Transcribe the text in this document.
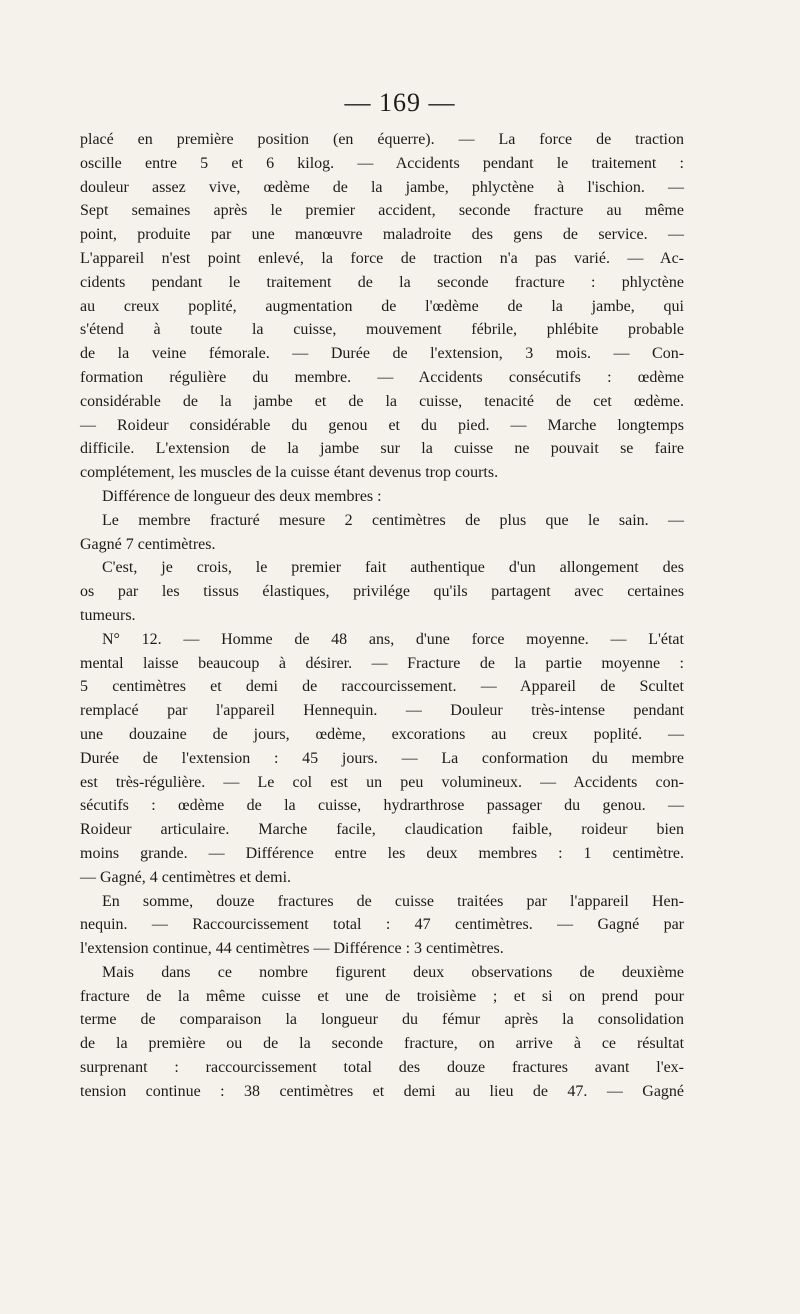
— 169 —
placé en première position (en équerre). — La force de traction
oscille entre 5 et 6 kilog. — Accidents pendant le traitement :
douleur assez vive, œdème de la jambe, phlyctène à l'ischion. —
Sept semaines après le premier accident, seconde fracture au même
point, produite par une manœuvre maladroite des gens de service. —
L'appareil n'est point enlevé, la force de traction n'a pas varié. — Ac-
cidents pendant le traitement de la seconde fracture : phlyctène
au creux poplité, augmentation de l'œdème de la jambe, qui
s'étend à toute la cuisse, mouvement fébrile, phlébite probable
de la veine fémorale. — Durée de l'extension, 3 mois. — Con-
formation régulière du membre. — Accidents consécutifs : œdème
considérable de la jambe et de la cuisse, tenacité de cet œdème.
— Roideur considérable du genou et du pied. — Marche longtemps
difficile. L'extension de la jambe sur la cuisse ne pouvait se faire
complétement, les muscles de la cuisse étant devenus trop courts.
Différence de longueur des deux membres :
Le membre fracturé mesure 2 centimètres de plus que le sain. —
Gagné 7 centimètres.
C'est, je crois, le premier fait authentique d'un allongement des
os par les tissus élastiques, privilége qu'ils partagent avec certaines
tumeurs.
N° 12. — Homme de 48 ans, d'une force moyenne. — L'état
mental laisse beaucoup à désirer. — Fracture de la partie moyenne :
5 centimètres et demi de raccourcissement. — Appareil de Scultet
remplacé par l'appareil Hennequin. — Douleur très-intense pendant
une douzaine de jours, œdème, excorations au creux poplité. —
Durée de l'extension : 45 jours. — La conformation du membre
est très-régulière. — Le col est un peu volumineux. — Accidents con-
sécutifs : œdème de la cuisse, hydrarthrose passager du genou. —
Roideur articulaire. Marche facile, claudication faible, roideur bien
moins grande. — Différence entre les deux membres : 1 centimètre.
— Gagné, 4 centimètres et demi.
En somme, douze fractures de cuisse traitées par l'appareil Hen-
nequin. — Raccourcissement total : 47 centimètres. — Gagné par
l'extension continue, 44 centimètres — Différence : 3 centimètres.
Mais dans ce nombre figurent deux observations de deuxième
fracture de la même cuisse et une de troisième ; et si on prend pour
terme de comparaison la longueur du fémur après la consolidation
de la première ou de la seconde fracture, on arrive à ce résultat
surprenant : raccourcissement total des douze fractures avant l'ex-
tension continue : 38 centimètres et demi au lieu de 47. — Gagné
